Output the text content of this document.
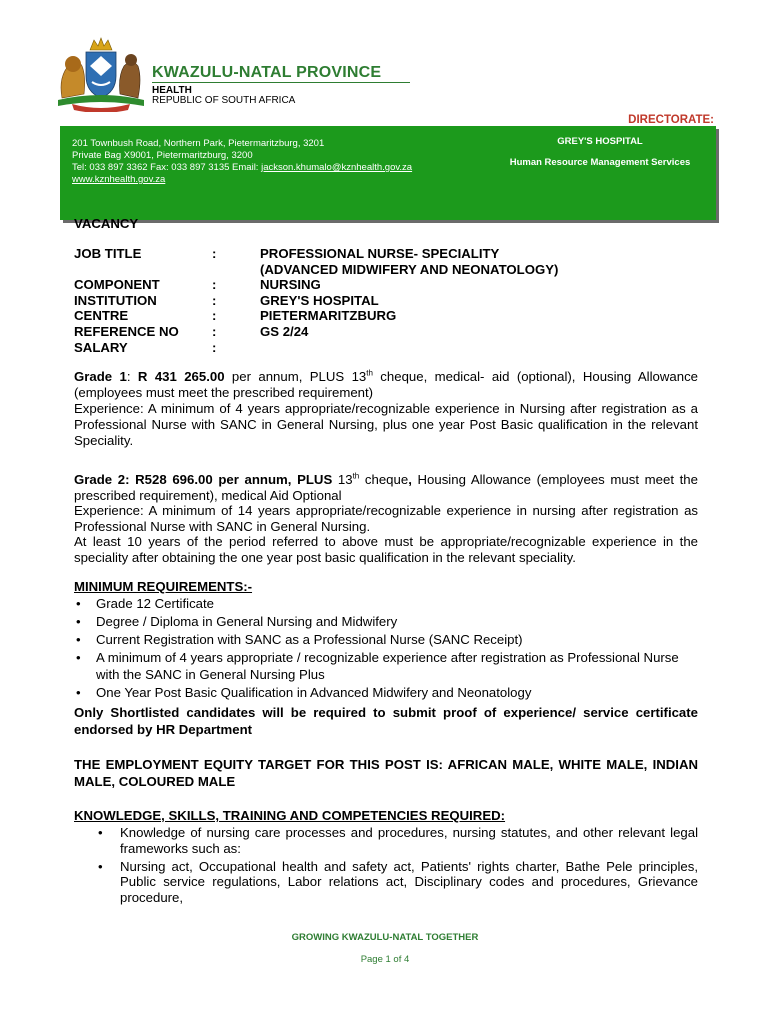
KWAZULU-NATAL PROVINCE
HEALTH
REPUBLIC OF SOUTH AFRICA
DIRECTORATE:
201 Townbush Road, Northern Park, Pietermaritzburg, 3201
Private Bag X9001, Pietermaritzburg, 3200
Tel: 033 897 3362 Fax: 033 897 3135 Email: jackson.khumalo@kznhealth.gov.za
www.kznhealth.gov.za
GREY'S HOSPITAL
Human Resource Management Services
VACANCY
JOB TITLE	:	PROFESSIONAL NURSE- SPECIALITY
(ADVANCED MIDWIFERY AND NEONATOLOGY)
COMPONENT	:	NURSING
INSTITUTION	:	GREY'S HOSPITAL
CENTRE	:	PIETERMARITZBURG
REFERENCE NO	:	GS 2/24
SALARY	:
Grade 1: R 431 265.00 per annum, PLUS 13th cheque, medical- aid (optional), Housing Allowance (employees must meet the prescribed requirement)
Experience: A minimum of 4 years appropriate/recognizable experience in Nursing after registration as a Professional Nurse with SANC in General Nursing, plus one year Post Basic qualification in the relevant Speciality.
Grade 2: R528 696.00 per annum, PLUS 13th cheque, Housing Allowance (employees must meet the prescribed requirement), medical Aid Optional
Experience: A minimum of 14 years appropriate/recognizable experience in nursing after registration as Professional Nurse with SANC in General Nursing.
At least 10 years of the period referred to above must be appropriate/recognizable experience in the speciality after obtaining the one year post basic qualification in the relevant speciality.
MINIMUM REQUIREMENTS:-
• Grade 12 Certificate
• Degree / Diploma in General Nursing and Midwifery
• Current Registration with SANC as a Professional Nurse (SANC Receipt)
• A minimum of 4 years appropriate / recognizable experience after registration as Professional Nurse with the SANC in General Nursing Plus
• One Year Post Basic Qualification in Advanced Midwifery and Neonatology
Only Shortlisted candidates will be required to submit proof of experience/ service certificate endorsed by HR Department
THE EMPLOYMENT EQUITY TARGET FOR THIS POST IS: AFRICAN MALE, WHITE MALE, INDIAN MALE, COLOURED MALE
KNOWLEDGE, SKILLS, TRAINING AND COMPETENCIES REQUIRED:
• Knowledge of nursing care processes and procedures, nursing statutes, and other relevant legal frameworks such as:
• Nursing act, Occupational health and safety act, Patients' rights charter, Bathe Pele principles, Public service regulations, Labor relations act, Disciplinary codes and procedures, Grievance procedure,
GROWING KWAZULU-NATAL TOGETHER
Page 1 of 4
